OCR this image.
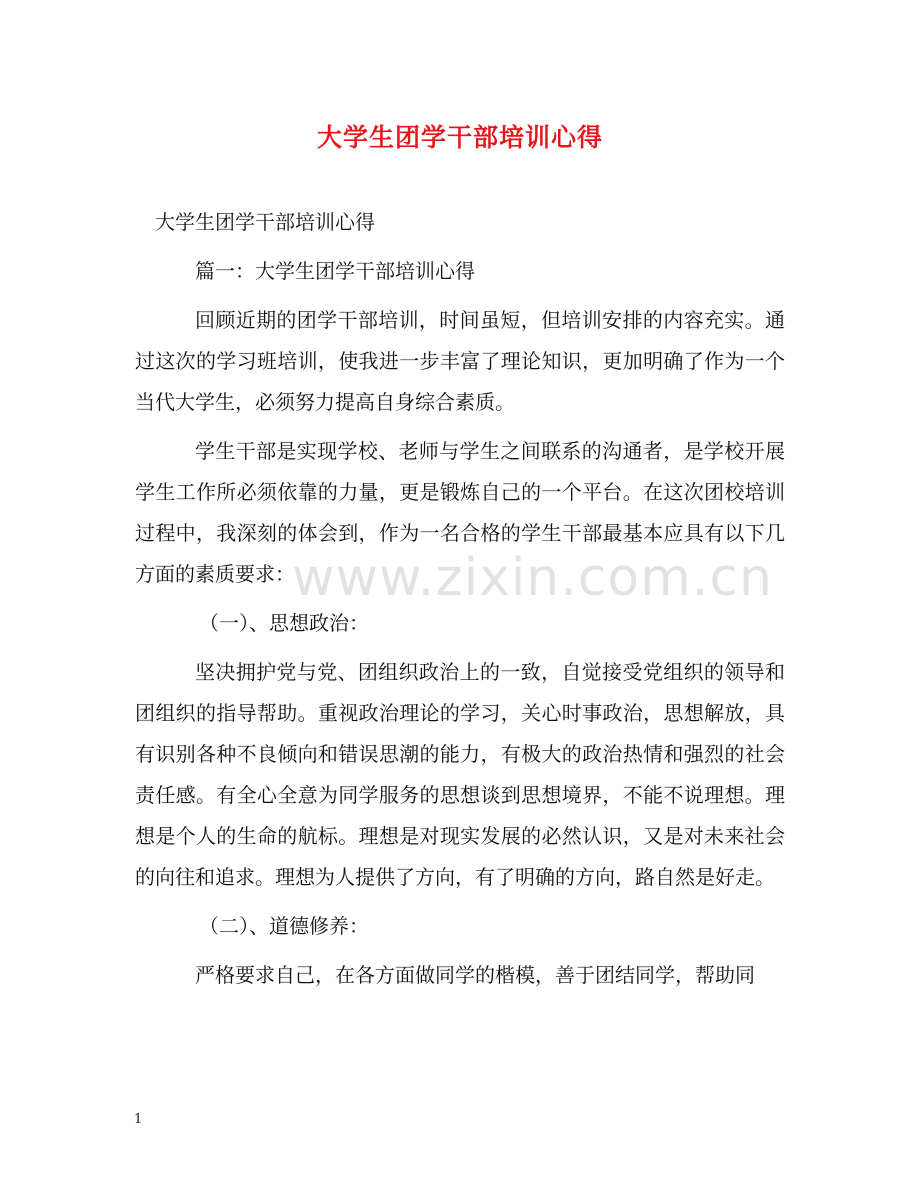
大学生团学干部培训心得

大学生团学干部培训心得

篇一：大学生团学干部培训心得

回顾近期的团学干部培训，时间虽短，但培训安排的内容充实。通过这次的学习班培训，使我进一步丰富了理论知识，更加明确了作为一个当代大学生，必须努力提高自身综合素质。

学生干部是实现学校、老师与学生之间联系的沟通者，是学校开展学生工作所必须依靠的力量，更是锻炼自己的一个平台。在这次团校培训过程中，我深刻的体会到，作为一名合格的学生干部最基本应具有以下几方面的素质要求：

（一）、思想政治：

坚决拥护党与党、团组织政治上的一致，自觉接受党组织的领导和团组织的指导帮助。重视政治理论的学习，关心时事政治，思想解放，具有识别各种不良倾向和错误思潮的能力，有极大的政治热情和强烈的社会责任感。有全心全意为同学服务的思想谈到思想境界，不能不说理想。理想是个人的生命的航标。理想是对现实发展的必然认识，又是对未来社会的向往和追求。理想为人提供了方向，有了明确的方向，路自然是好走。

（二）、道德修养：

严格要求自己，在各方面做同学的楷模，善于团结同学，帮助同

www.zixin.com.cn
1
